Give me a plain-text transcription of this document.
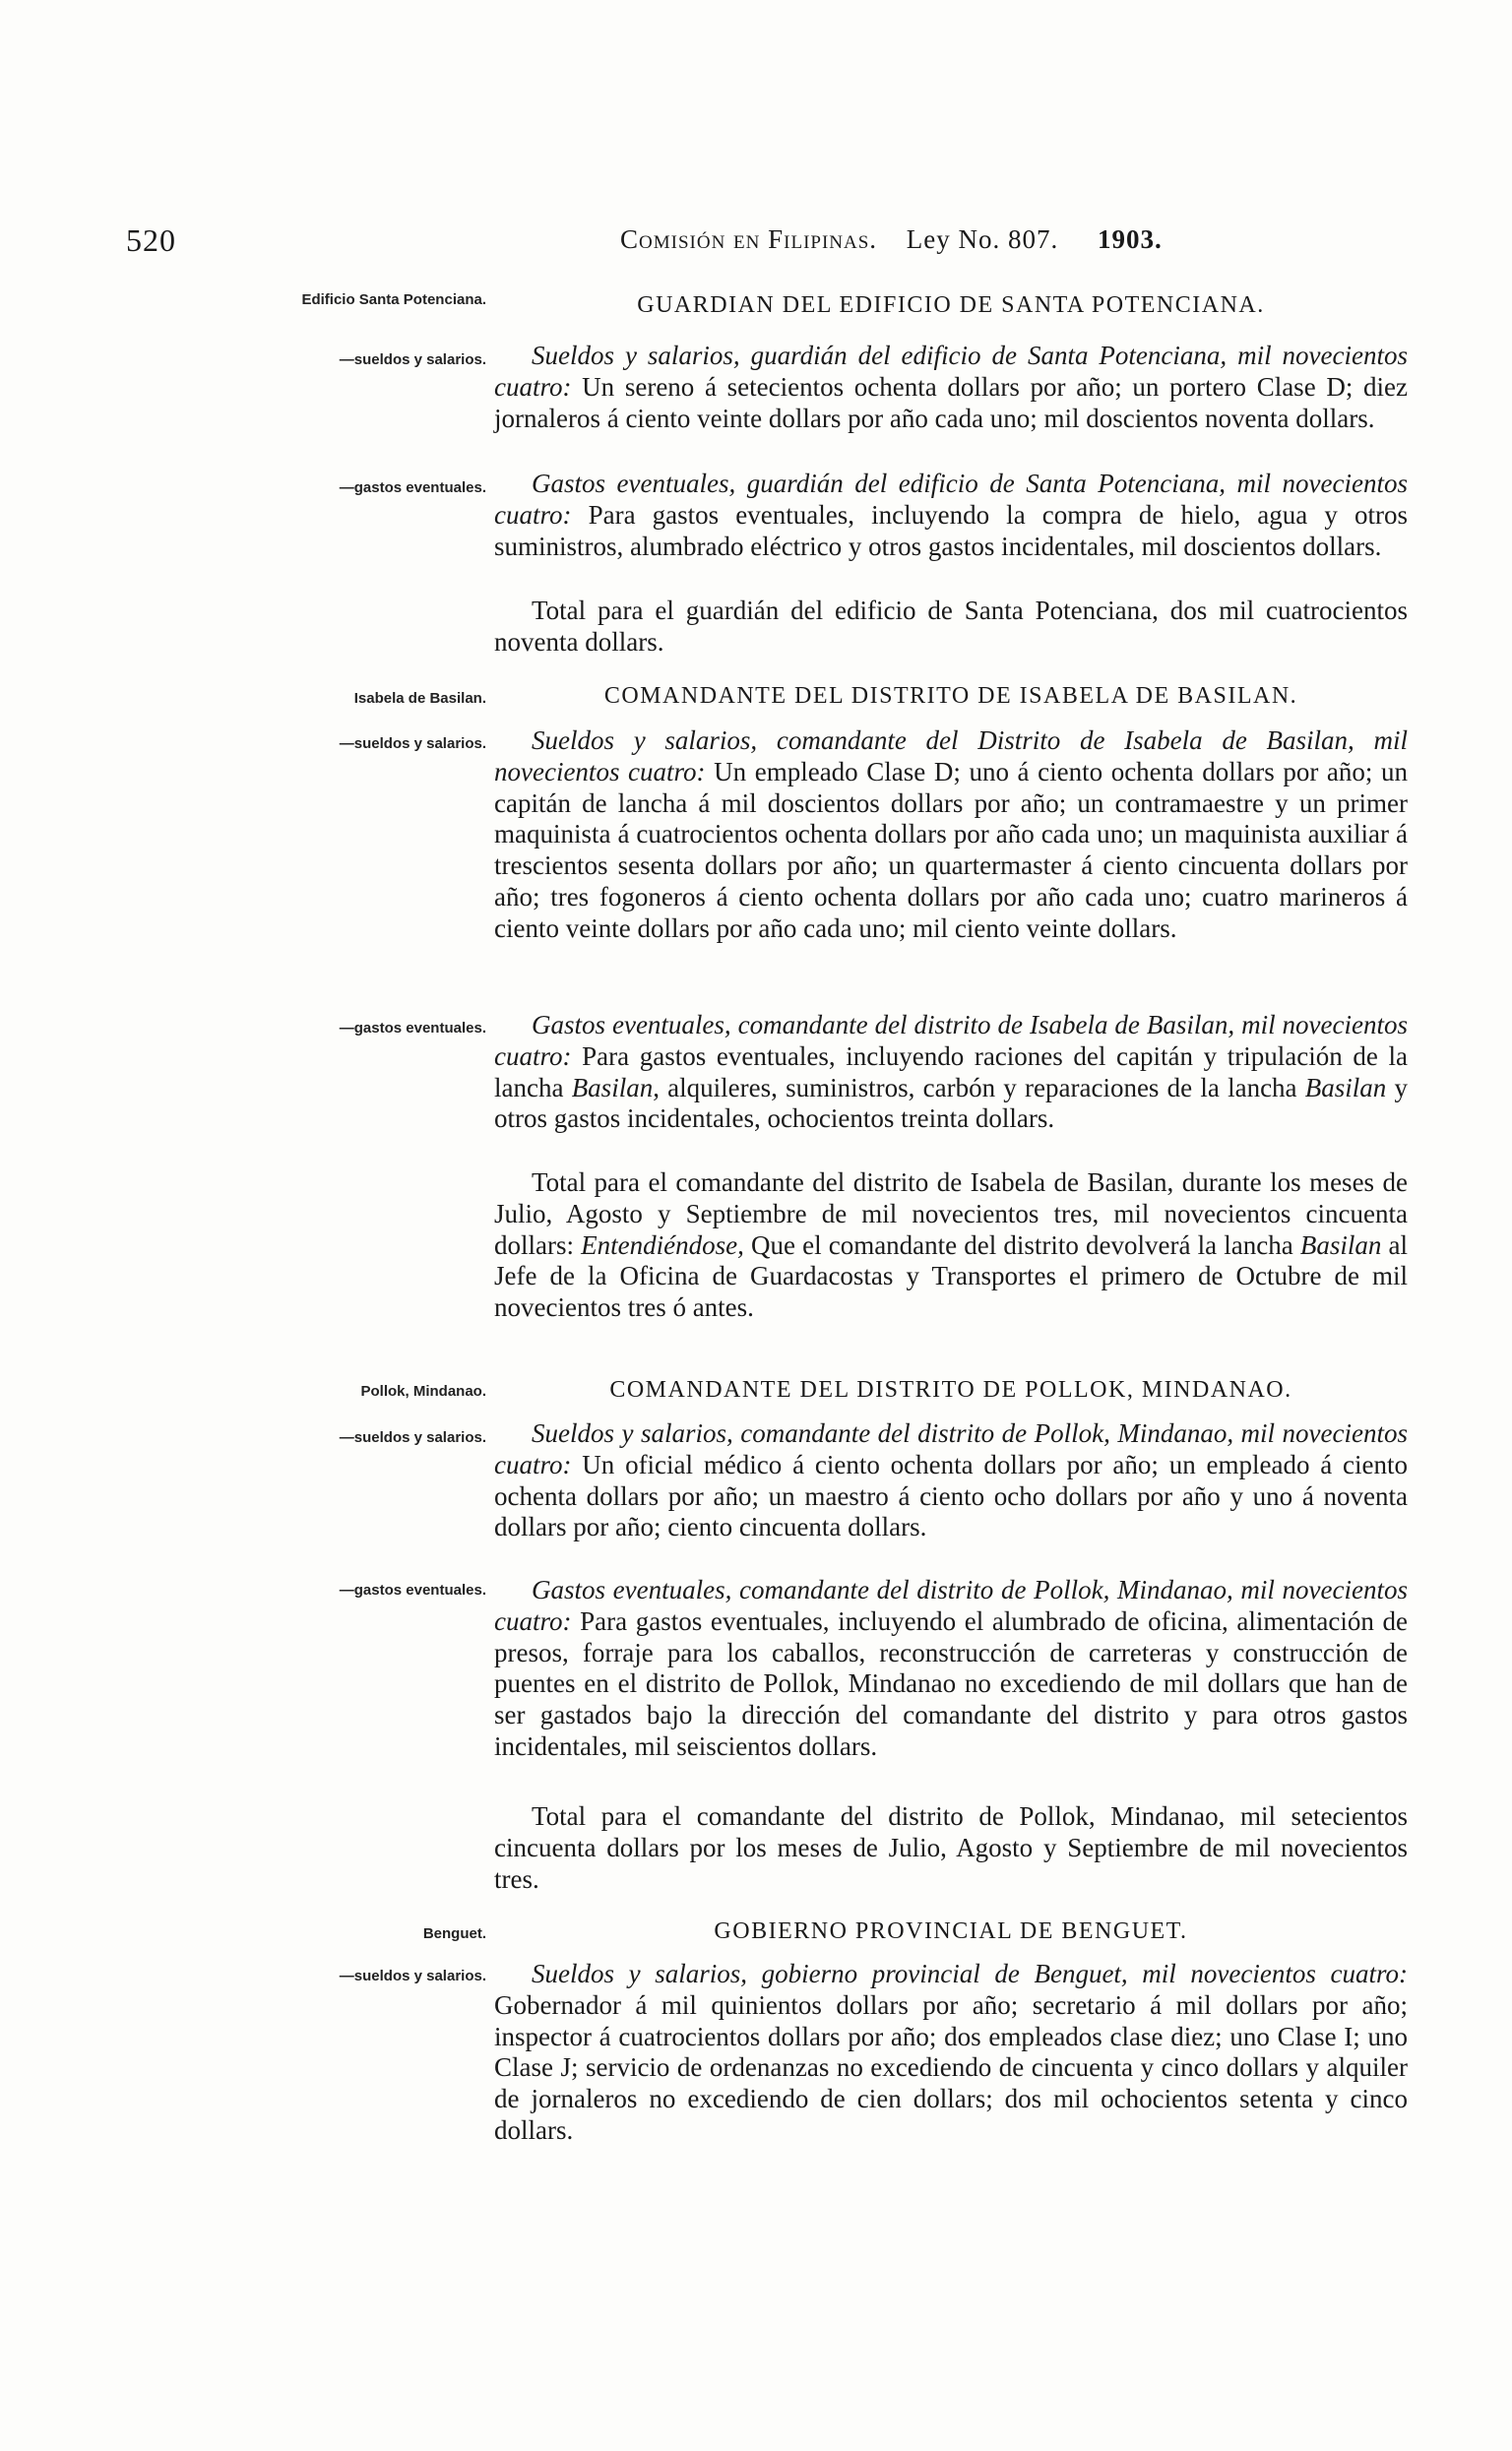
520	Comisión en Filipinas. Ley No. 807. 1903.
Edificio Santa Potenciana.	GUARDIAN DEL EDIFICIO DE SANTA POTENCIANA.
—sueldos y salarios.	Sueldos y salarios, guardián del edificio de Santa Potenciana, mil novecientos cuatro: Un sereno á setecientos ochenta dollars por año; un portero Clase D; diez jornaleros á ciento veinte dollars por año cada uno; mil doscientos noventa dollars.
—gastos eventuales.	Gastos eventuales, guardián del edificio de Santa Potenciana, mil novecientos cuatro: Para gastos eventuales, incluyendo la compra de hielo, agua y otros suministros, alumbrado eléctrico y otros gastos incidentales, mil doscientos dollars.
Total para el guardián del edificio de Santa Potenciana, dos mil cuatrocientos noventa dollars.
Isabela de Basilan.	COMANDANTE DEL DISTRITO DE ISABELA DE BASILAN.
—sueldos y salarios.	Sueldos y salarios, comandante del Distrito de Isabela de Basilan, mil novecientos cuatro: Un empleado Clase D; uno á ciento ochenta dollars por año; un capitán de lancha á mil doscientos dollars por año; un contramaestre y un primer maquinista á cuatrocientos ochenta dollars por año cada uno; un maquinista auxiliar á trescientos sesenta dollars por año; un quartermaster á ciento cincuenta dollars por año; tres fogoneros á ciento ochenta dollars por año cada uno; cuatro marineros á ciento veinte dollars por año cada uno; mil ciento veinte dollars.
—gastos eventuales.	Gastos eventuales, comandante del distrito de Isabela de Basilan, mil novecientos cuatro: Para gastos eventuales, incluyendo raciones del capitán y tripulación de la lancha Basilan, alquileres, suministros, carbón y reparaciones de la lancha Basilan y otros gastos incidentales, ochocientos treinta dollars.
Total para el comandante del distrito de Isabela de Basilan, durante los meses de Julio, Agosto y Septiembre de mil novecientos tres, mil novecientos cincuenta dollars: Entendiéndose, Que el comandante del distrito devolverá la lancha Basilan al Jefe de la Oficina de Guardacostas y Transportes el primero de Octubre de mil novecientos tres ó antes.
Pollok, Mindanao.	COMANDANTE DEL DISTRITO DE POLLOK, MINDANAO.
—sueldos y salarios.	Sueldos y salarios, comandante del distrito de Pollok, Mindanao, mil novecientos cuatro: Un oficial médico á ciento ochenta dollars por año; un empleado á ciento ochenta dollars por año; un maestro á ciento ocho dollars por año y uno á noventa dollars por año; ciento cincuenta dollars.
—gastos eventuales.	Gastos eventuales, comandante del distrito de Pollok, Mindanao, mil novecientos cuatro: Para gastos eventuales, incluyendo el alumbrado de oficina, alimentación de presos, forraje para los caballos, reconstrucción de carreteras y construcción de puentes en el distrito de Pollok, Mindanao no excediendo de mil dollars que han de ser gastados bajo la dirección del comandante del distrito y para otros gastos incidentales, mil seiscientos dollars.
Total para el comandante del distrito de Pollok, Mindanao, mil setecientos cincuenta dollars por los meses de Julio, Agosto y Septiembre de mil novecientos tres.
Benguet.	GOBIERNO PROVINCIAL DE BENGUET.
—sueldos y salarios.	Sueldos y salarios, gobierno provincial de Benguet, mil novecientos cuatro: Gobernador á mil quinientos dollars por año; secretario á mil dollars por año; inspector á cuatrocientos dollars por año; dos empleados clase diez; uno Clase I; uno Clase J; servicio de ordenanzas no excediendo de cincuenta y cinco dollars y alquiler de jornaleros no excediendo de cien dollars; dos mil ochocientos setenta y cinco dollars.
